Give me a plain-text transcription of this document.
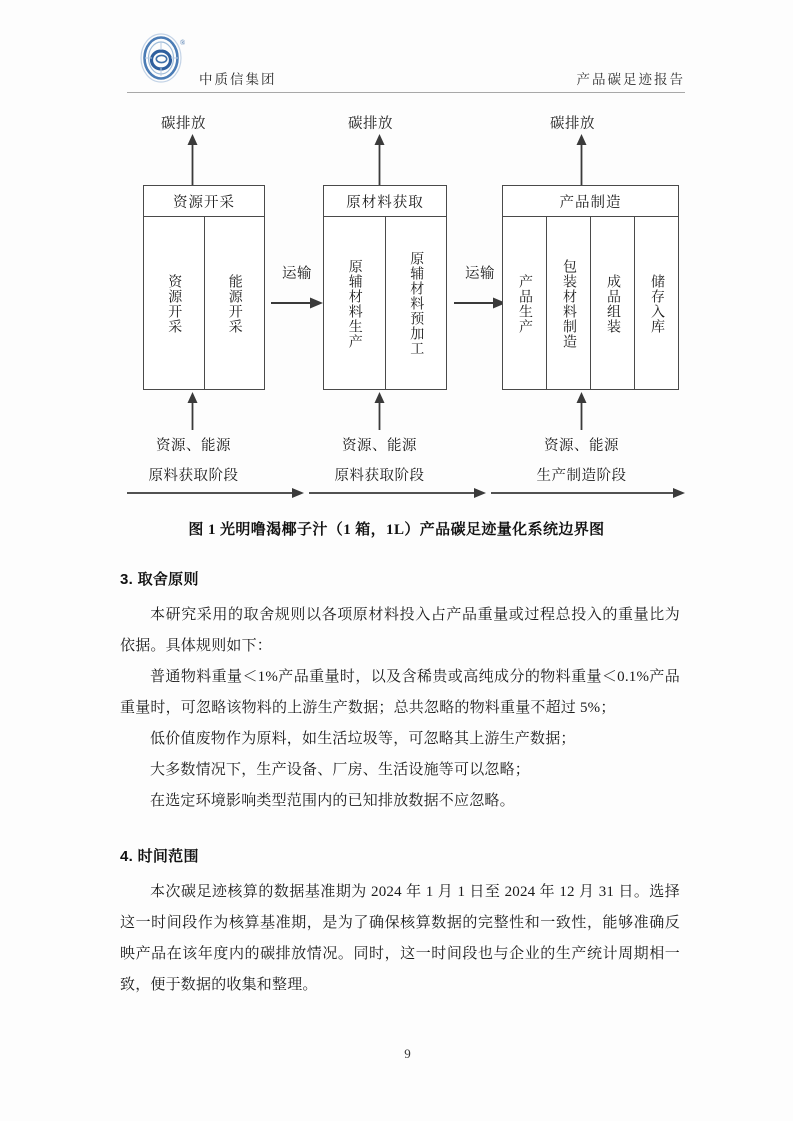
®
中质信集团	产品碳足迹报告
碳排放
资源开采
资源开采	能源开采
资源、能源
原料获取阶段
运输
碳排放
原材料获取
原辅材料生产	原辅材料预加工
资源、能源
原料获取阶段
运输
碳排放
产品制造
产品生产 包装材料制造 成品组装 储存入库
资源、能源
生产制造阶段
图 1 光明噜渴椰子汁（1 箱，1L）产品碳足迹量化系统边界图
3. 取舍原则
本研究采用的取舍规则以各项原材料投入占产品重量或过程总投入的重量比为依据。具体规则如下：
普通物料重量＜1%产品重量时，以及含稀贵或高纯成分的物料重量＜0.1%产品重量时，可忽略该物料的上游生产数据；总共忽略的物料重量不超过 5%；
低价值废物作为原料，如生活垃圾等，可忽略其上游生产数据；
大多数情况下，生产设备、厂房、生活设施等可以忽略；
在选定环境影响类型范围内的已知排放数据不应忽略。
4. 时间范围
本次碳足迹核算的数据基准期为 2024 年 1 月 1 日至 2024 年 12 月 31 日。选择这一时间段作为核算基准期，是为了确保核算数据的完整性和一致性，能够准确反映产品在该年度内的碳排放情况。同时，这一时间段也与企业的生产统计周期相一致，便于数据的收集和整理。
9
